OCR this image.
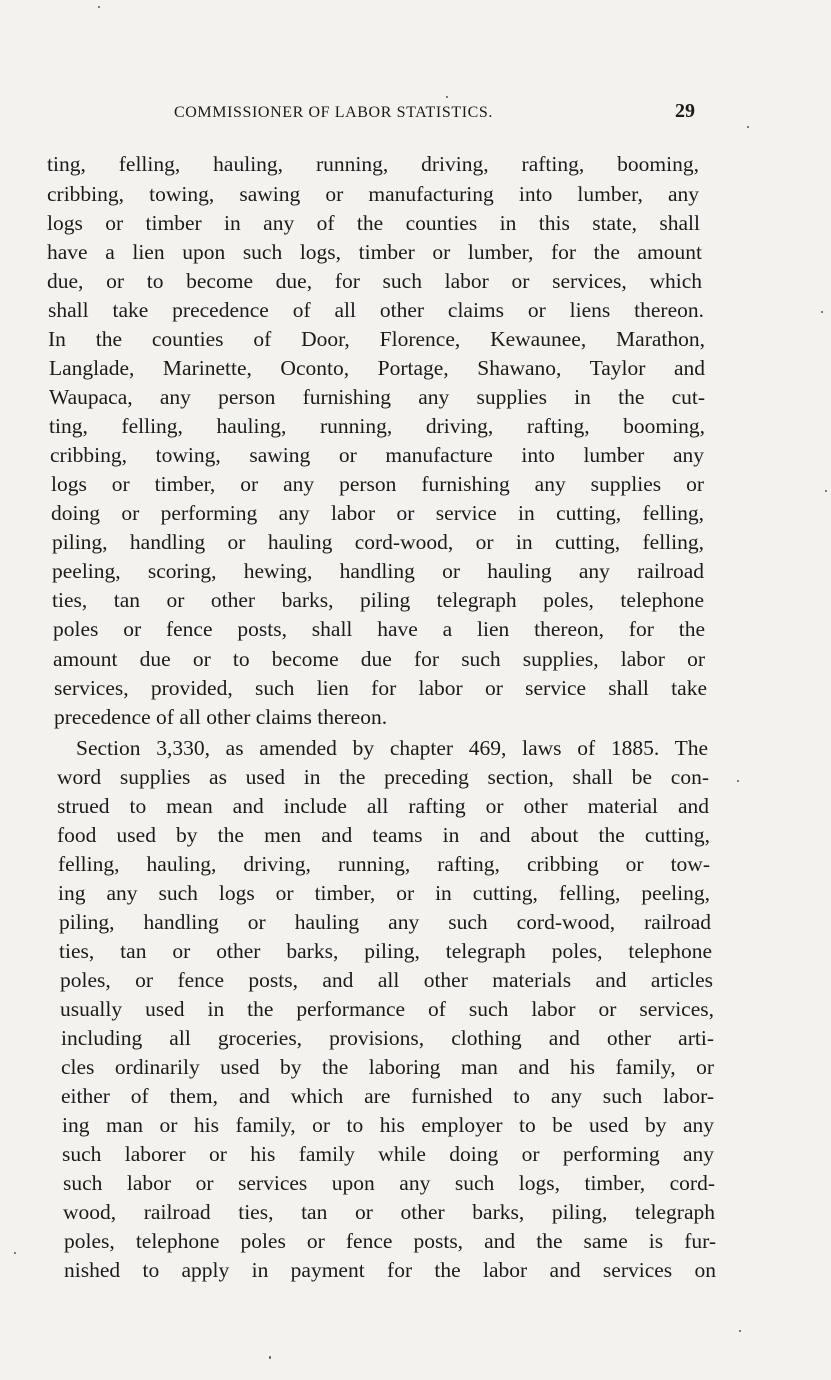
COMMISSIONER OF LABOR STATISTICS.	29
ting, felling, hauling, running, driving, rafting, booming,
cribbing, towing, sawing or manufacturing into lumber, any
logs or timber in any of the counties in this state, shall
have a lien upon such logs, timber or lumber, for the amount
due, or to become due, for such labor or services, which
shall take precedence of all other claims or liens thereon.
In the counties of Door, Florence, Kewaunee, Marathon,
Langlade, Marinette, Oconto, Portage, Shawano, Taylor and
Waupaca, any person furnishing any supplies in the cut-
ting, felling, hauling, running, driving, rafting, booming,
cribbing, towing, sawing or manufacture into lumber any
logs or timber, or any person furnishing any supplies or
doing or performing any labor or service in cutting, felling,
piling, handling or hauling cord-wood, or in cutting, felling,
peeling, scoring, hewing, handling or hauling any railroad
ties, tan or other barks, piling telegraph poles, telephone
poles or fence posts, shall have a lien thereon, for the
amount due or to become due for such supplies, labor or
services, provided, such lien for labor or service shall take
precedence of all other claims thereon.
Section 3,330, as amended by chapter 469, laws of 1885. The
word supplies as used in the preceding section, shall be con-
strued to mean and include all rafting or other material and
food used by the men and teams in and about the cutting,
felling, hauling, driving, running, rafting, cribbing or tow-
ing any such logs or timber, or in cutting, felling, peeling,
piling, handling or hauling any such cord-wood, railroad
ties, tan or other barks, piling, telegraph poles, telephone
poles, or fence posts, and all other materials and articles
usually used in the performance of such labor or services,
including all groceries, provisions, clothing and other arti-
cles ordinarily used by the laboring man and his family, or
either of them, and which are furnished to any such labor-
ing man or his family, or to his employer to be used by any
such laborer or his family while doing or performing any
such labor or services upon any such logs, timber, cord-
wood, railroad ties, tan or other barks, piling, telegraph
poles, telephone poles or fence posts, and the same is fur-
nished to apply in payment for the labor and services on
